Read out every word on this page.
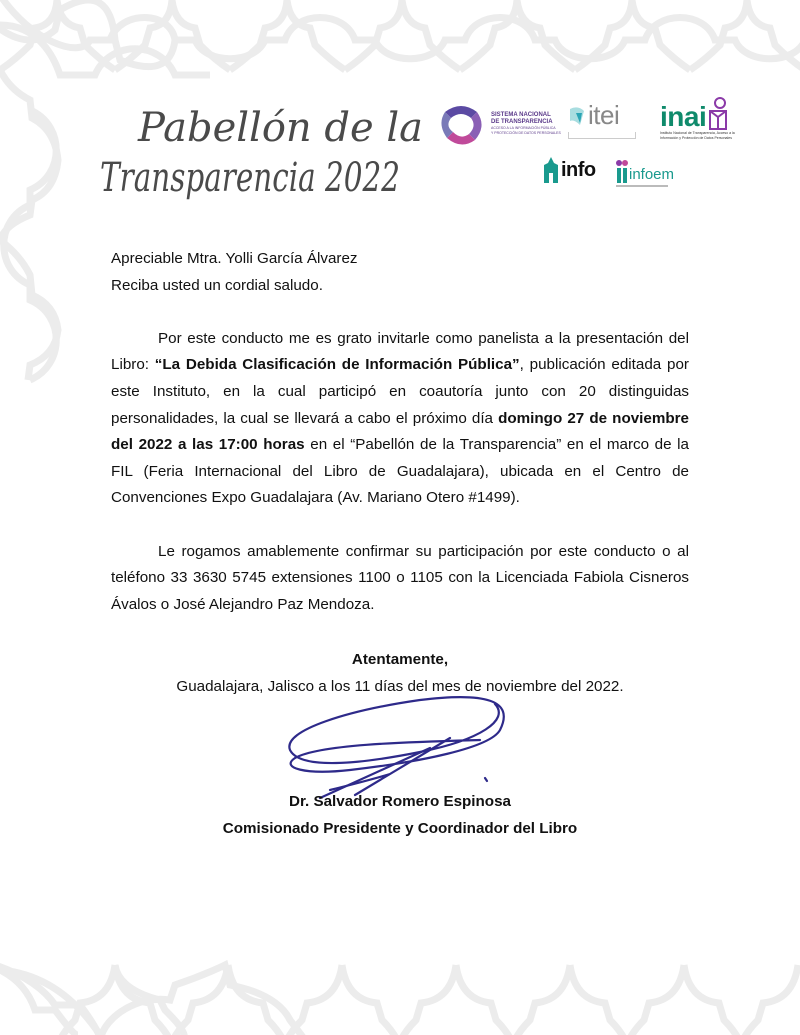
Pabellón de la
Transparencia 2022
SISTEMA NACIONAL
DE TRANSPARENCIA
ACCESO A LA INFORMACIÓN PÚBLICA
Y PROTECCIÓN DE DATOS PERSONALES
itei inai
Instituto Nacional de Transparencia, Acceso a la Información y Protección de Datos Personales
info infoem

Apreciable Mtra. Yolli García Álvarez

Reciba usted un cordial saludo.

Por este conducto me es grato invitarle como panelista a la presentación del Libro: “La Debida Clasificación de Información Pública”, publicación editada por este Instituto, en la cual participó en coautoría junto con 20 distinguidas personalidades, la cual se llevará a cabo el próximo día domingo 27 de noviembre del 2022 a las 17:00 horas en el “Pabellón de la Transparencia” en el marco de la FIL (Feria Internacional del Libro de Guadalajara), ubicada en el Centro de Convenciones Expo Guadalajara (Av. Mariano Otero #1499).

Le rogamos amablemente confirmar su participación por este conducto o al teléfono 33 3630 5745 extensiones 1100 o 1105 con la Licenciada Fabiola Cisneros Ávalos o José Alejandro Paz Mendoza.

Atentamente,

Guadalajara, Jalisco a los 11 días del mes de noviembre del 2022.

Dr. Salvador Romero Espinosa
Comisionado Presidente y Coordinador del Libro
